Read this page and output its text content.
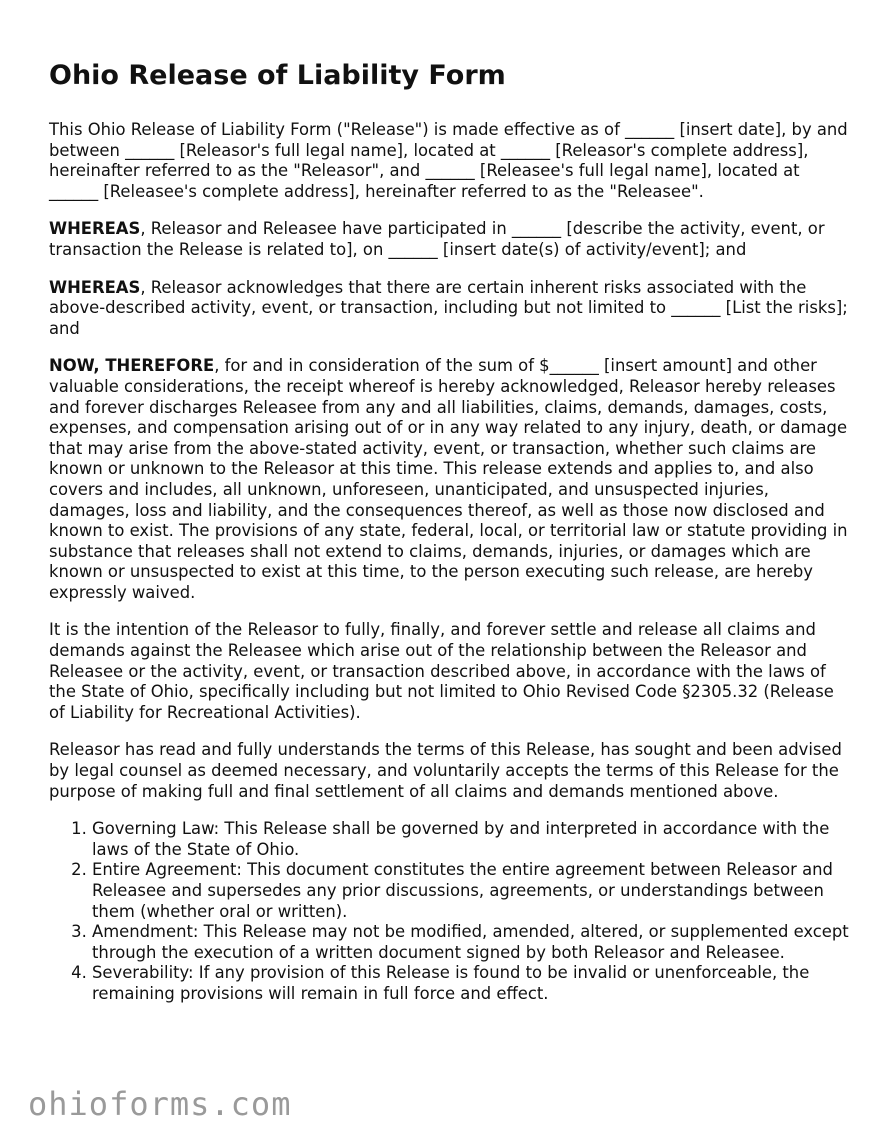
Ohio Release of Liability Form

This Ohio Release of Liability Form ("Release") is made effective as of ______ [insert date], by and between ______ [Releasor's full legal name], located at ______ [Releasor's complete address], hereinafter referred to as the "Releasor", and ______ [Releasee's full legal name], located at ______ [Releasee's complete address], hereinafter referred to as the "Releasee".

WHEREAS, Releasor and Releasee have participated in ______ [describe the activity, event, or transaction the Release is related to], on ______ [insert date(s) of activity/event]; and

WHEREAS, Releasor acknowledges that there are certain inherent risks associated with the above-described activity, event, or transaction, including but not limited to ______ [List the risks]; and

NOW, THEREFORE, for and in consideration of the sum of $______ [insert amount] and other valuable considerations, the receipt whereof is hereby acknowledged, Releasor hereby releases and forever discharges Releasee from any and all liabilities, claims, demands, damages, costs, expenses, and compensation arising out of or in any way related to any injury, death, or damage that may arise from the above-stated activity, event, or transaction, whether such claims are known or unknown to the Releasor at this time. This release extends and applies to, and also covers and includes, all unknown, unforeseen, unanticipated, and unsuspected injuries, damages, loss and liability, and the consequences thereof, as well as those now disclosed and known to exist. The provisions of any state, federal, local, or territorial law or statute providing in substance that releases shall not extend to claims, demands, injuries, or damages which are known or unsuspected to exist at this time, to the person executing such release, are hereby expressly waived.

It is the intention of the Releasor to fully, finally, and forever settle and release all claims and demands against the Releasee which arise out of the relationship between the Releasor and Releasee or the activity, event, or transaction described above, in accordance with the laws of the State of Ohio, specifically including but not limited to Ohio Revised Code §2305.32 (Release of Liability for Recreational Activities).

Releasor has read and fully understands the terms of this Release, has sought and been advised by legal counsel as deemed necessary, and voluntarily accepts the terms of this Release for the purpose of making full and final settlement of all claims and demands mentioned above.

1. Governing Law: This Release shall be governed by and interpreted in accordance with the laws of the State of Ohio.
2. Entire Agreement: This document constitutes the entire agreement between Releasor and Releasee and supersedes any prior discussions, agreements, or understandings between them (whether oral or written).
3. Amendment: This Release may not be modified, amended, altered, or supplemented except through the execution of a written document signed by both Releasor and Releasee.
4. Severability: If any provision of this Release is found to be invalid or unenforceable, the remaining provisions will remain in full force and effect.
ohioforms.com
